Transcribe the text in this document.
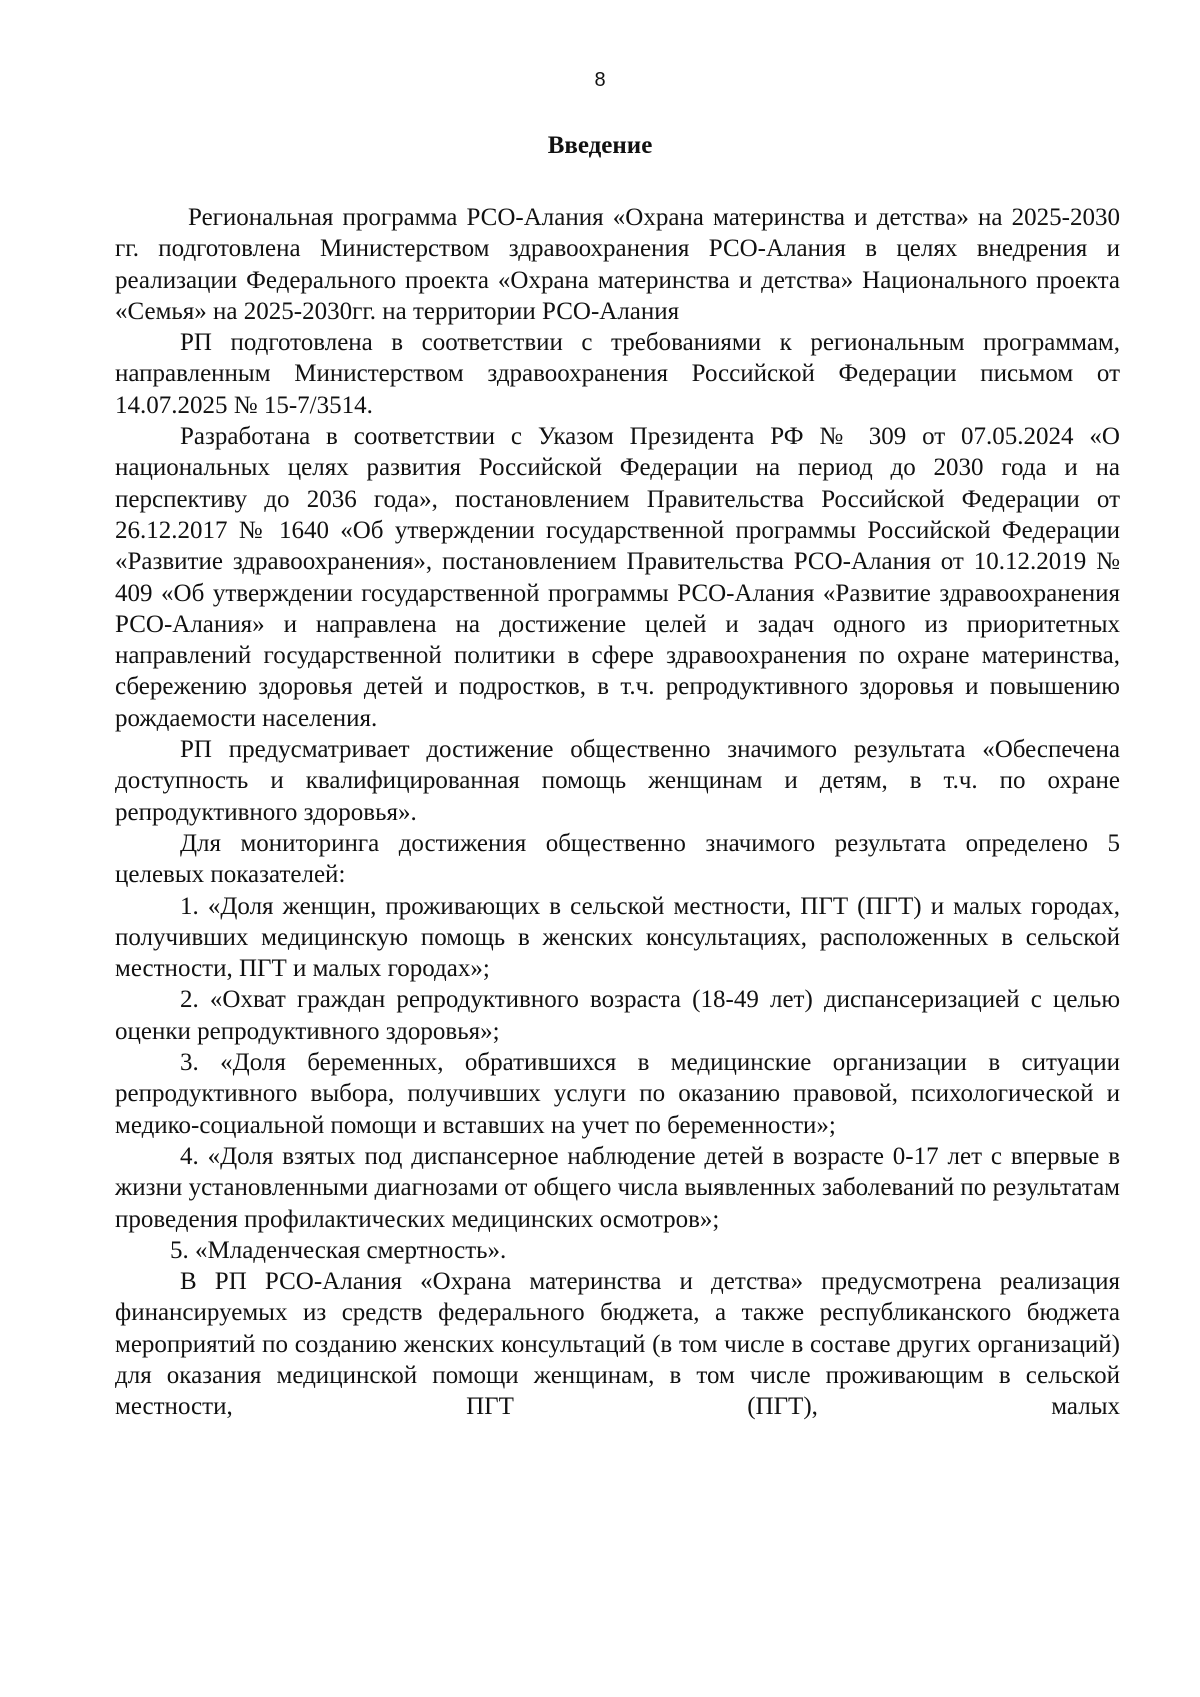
8
Введение

Региональная программа РСО-Алания «Охрана материнства и детства» на 2025-2030 гг. подготовлена Министерством здравоохранения РСО-Алания в целях внедрения и реализации Федерального проекта «Охрана материнства и детства» Национального проекта «Семья» на 2025-2030гг. на территории РСО-Алания

РП подготовлена в соответствии с требованиями к региональным программам, направленным Министерством здравоохранения Российской Федерации письмом от 14.07.2025 № 15-7/3514.

Разработана в соответствии с Указом Президента РФ № 309 от 07.05.2024 «О национальных целях развития Российской Федерации на период до 2030 года и на перспективу до 2036 года», постановлением Правительства Российской Федерации от 26.12.2017 № 1640 «Об утверждении государственной программы Российской Федерации «Развитие здравоохранения», постановлением Правительства РСО-Алания от 10.12.2019 № 409 «Об утверждении государственной программы РСО-Алания «Развитие здравоохранения РСО-Алания» и направлена на достижение целей и задач одного из приоритетных направлений государственной политики в сфере здравоохранения по охране материнства, сбережению здоровья детей и подростков, в т.ч. репродуктивного здоровья и повышению рождаемости населения.

РП предусматривает достижение общественно значимого результата «Обеспечена доступность и квалифицированная помощь женщинам и детям, в т.ч. по охране репродуктивного здоровья».

Для мониторинга достижения общественно значимого результата определено 5 целевых показателей:

1. «Доля женщин, проживающих в сельской местности, ПГТ (ПГТ) и малых городах, получивших медицинскую помощь в женских консультациях, расположенных в сельской местности, ПГТ и малых городах»;

2. «Охват граждан репродуктивного возраста (18-49 лет) диспансеризацией с целью оценки репродуктивного здоровья»;

3. «Доля беременных, обратившихся в медицинские организации в ситуации репродуктивного выбора, получивших услуги по оказанию правовой, психологической и медико-социальной помощи и вставших на учет по беременности»;

4. «Доля взятых под диспансерное наблюдение детей в возрасте 0-17 лет с впервые в жизни установленными диагнозами от общего числа выявленных заболеваний по результатам проведения профилактических медицинских осмотров»;

5. «Младенческая смертность».

В РП РСО-Алания «Охрана материнства и детства» предусмотрена реализация финансируемых из средств федерального бюджета, а также республиканского бюджета мероприятий по созданию женских консультаций (в том числе в составе других организаций) для оказания медицинской помощи женщинам, в том числе проживающим в сельской местности, ПГТ (ПГТ), малых
